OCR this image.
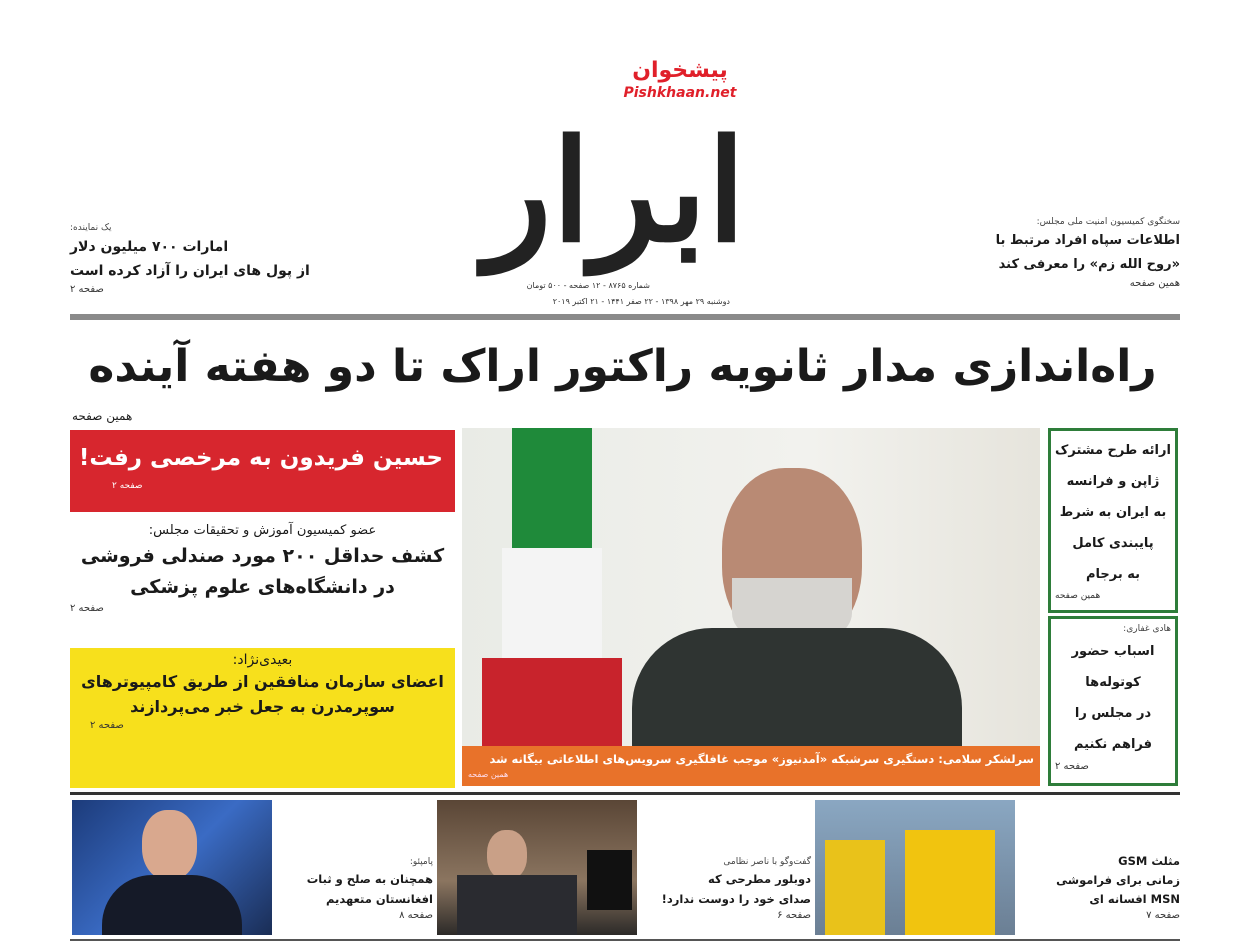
پیشخوان
Pishkhaan.net
ابرار
شماره ۸۷۶۵ - ۱۲ صفحه - ۵۰۰ تومان
دوشنبه ۲۹ مهر ۱۳۹۸ - ۲۲ صفر ۱۴۴۱ - ۲۱ اکتبر ۲۰۱۹
یک نماینده:
امارات ۷۰۰ میلیون دلار
از پول های ایران را آزاد کرده است
صفحه ۲
سخنگوی کمیسیون امنیت ملی مجلس:
اطلاعات سپاه افراد مرتبط با
«روح الله زم» را معرفی کند
همین صفحه
راه‌اندازی مدار ثانویه راکتور اراک تا دو هفته آینده
همین صفحه
حسین فریدون به مرخصی رفت!
صفحه ۲
عضو کمیسیون آموزش و تحقیقات مجلس:
کشف حداقل ۲۰۰ مورد صندلی فروشی
در دانشگاه‌های علوم پزشکی
صفحه ۲
بعیدی‌نژاد:
اعضای سازمان منافقین از طریق کامپیوترهای
سوپرمدرن به جعل خبر می‌پردازند
صفحه ۲
سرلشکر سلامی: دستگیری سرشبکه «آمدنیوز» موجب غافلگیری سرویس‌های اطلاعاتی بیگانه شد
همین صفحه
ارائه طرح مشترک
ژاپن و فرانسه
به ایران به شرط
پایبندی کامل
به برجام
همین صفحه
هادی غفاری:
اسباب حضور
کوتوله‌ها
در مجلس را
فراهم نکنیم
صفحه ۲
پامپئو:
همچنان به صلح و ثبات
افغانستان متعهدیم
صفحه ۸
گفت‌وگو با ناصر نظامی
دوبلور مطرحی که
صدای خود را دوست ندارد!
صفحه ۶
مثلث GSM
زمانی برای فراموشی
MSN افسانه ای
صفحه ۷
